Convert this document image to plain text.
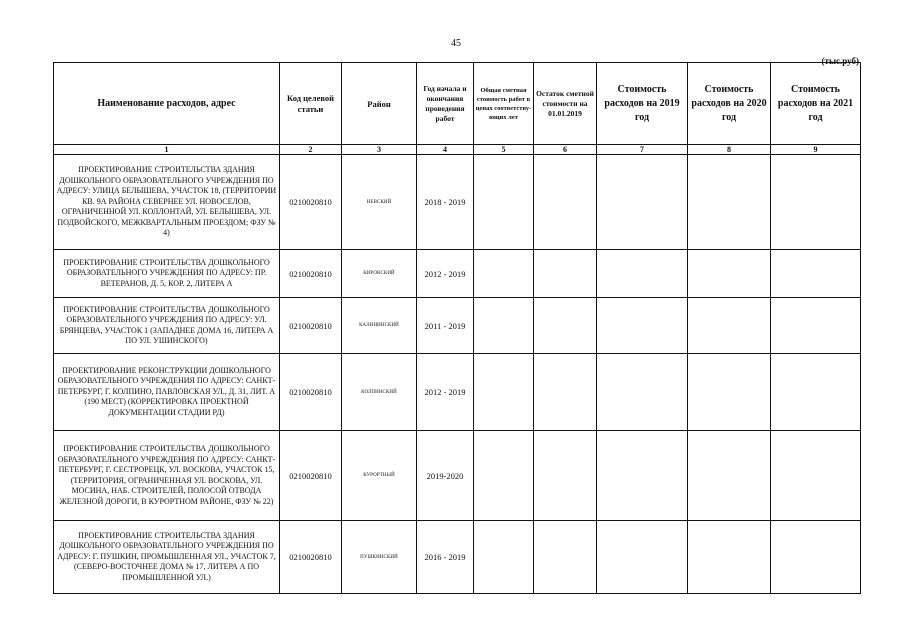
45
(тыс.руб)
Наименование расходов, адрес	Код целевой статьи	Район	Год начала и окончания проведения работ	Общая сметная стоимость работ в ценах соответству-ющих лет	Остаток сметной стоимости на 01.01.2019	Стоимость расходов на 2019 год	Стоимость расходов на 2020 год	Стоимость расходов на 2021 год
1	2	3	4	5	6	7	8	9
ПРОЕКТИРОВАНИЕ СТРОИТЕЛЬСТВА ЗДАНИЯ ДОШКОЛЬНОГО ОБРАЗОВАТЕЛЬНОГО УЧРЕЖДЕНИЯ ПО АДРЕСУ: УЛИЦА БЕЛЫШЕВА, УЧАСТОК 18, (ТЕРРИТОРИИ КВ. 9А РАЙОНА СЕВЕРНЕЕ УЛ. НОВОСЕЛОВ, ОГРАНИЧЕННОЙ УЛ. КОЛЛОНТАЙ, УЛ. БЕЛЫШЕВА, УЛ. ПОДВОЙСКОГО, МЕЖКВАРТАЛЬНЫМ ПРОЕЗДОМ; ФЗУ № 4)	0210020810	НЕВСКИЙ	2018 - 2019					
ПРОЕКТИРОВАНИЕ СТРОИТЕЛЬСТВА ДОШКОЛЬНОГО ОБРАЗОВАТЕЛЬНОГО УЧРЕЖДЕНИЯ ПО АДРЕСУ: ПР. ВЕТЕРАНОВ, Д. 5, КОР. 2, ЛИТЕРА А	0210020810	КИРОВСКИЙ	2012 - 2019					
ПРОЕКТИРОВАНИЕ СТРОИТЕЛЬСТВА ДОШКОЛЬНОГО ОБРАЗОВАТЕЛЬНОГО УЧРЕЖДЕНИЯ ПО АДРЕСУ: УЛ. БРЯНЦЕВА, УЧАСТОК 1 (ЗАПАДНЕЕ ДОМА 16, ЛИТЕРА А ПО УЛ. УШИНСКОГО)	0210020810	КАЛИНИНСКИЙ	2011 - 2019					
ПРОЕКТИРОВАНИЕ РЕКОНСТРУКЦИИ ДОШКОЛЬНОГО ОБРАЗОВАТЕЛЬНОГО УЧРЕЖДЕНИЯ ПО АДРЕСУ: САНКТ-ПЕТЕРБУРГ, Г. КОЛПИНО, ПАВЛОВСКАЯ УЛ., Д. 31, ЛИТ. А (190 МЕСТ) (КОРРЕКТИРОВКА ПРОЕКТНОЙ ДОКУМЕНТАЦИИ СТАДИИ РД)	0210020810	КОЛПИНСКИЙ	2012 - 2019					
ПРОЕКТИРОВАНИЕ СТРОИТЕЛЬСТВА ДОШКОЛЬНОГО ОБРАЗОВАТЕЛЬНОГО УЧРЕЖДЕНИЯ ПО АДРЕСУ: САНКТ-ПЕТЕРБУРГ, Г. СЕСТРОРЕЦК, УЛ. ВОСКОВА, УЧАСТОК 15, (ТЕРРИТОРИЯ, ОГРАНИЧЕННАЯ УЛ. ВОСКОВА, УЛ. МОСИНА, НАБ. СТРОИТЕЛЕЙ, ПОЛОСОЙ ОТВОДА ЖЕЛЕЗНОЙ ДОРОГИ, В КУРОРТНОМ РАЙОНЕ, ФЗУ № 22)	0210020810	КУРОРТНЫЙ	2019-2020					
ПРОЕКТИРОВАНИЕ СТРОИТЕЛЬСТВА ЗДАНИЯ ДОШКОЛЬНОГО ОБРАЗОВАТЕЛЬНОГО УЧРЕЖДЕНИЯ ПО АДРЕСУ: Г. ПУШКИН, ПРОМЫШЛЕННАЯ УЛ., УЧАСТОК 7, (СЕВЕРО-ВОСТОЧНЕЕ ДОМА № 17, ЛИТЕРА А ПО ПРОМЫШЛЕННОЙ УЛ.)	0210020810	ПУШКИНСКИЙ	2016 - 2019					
